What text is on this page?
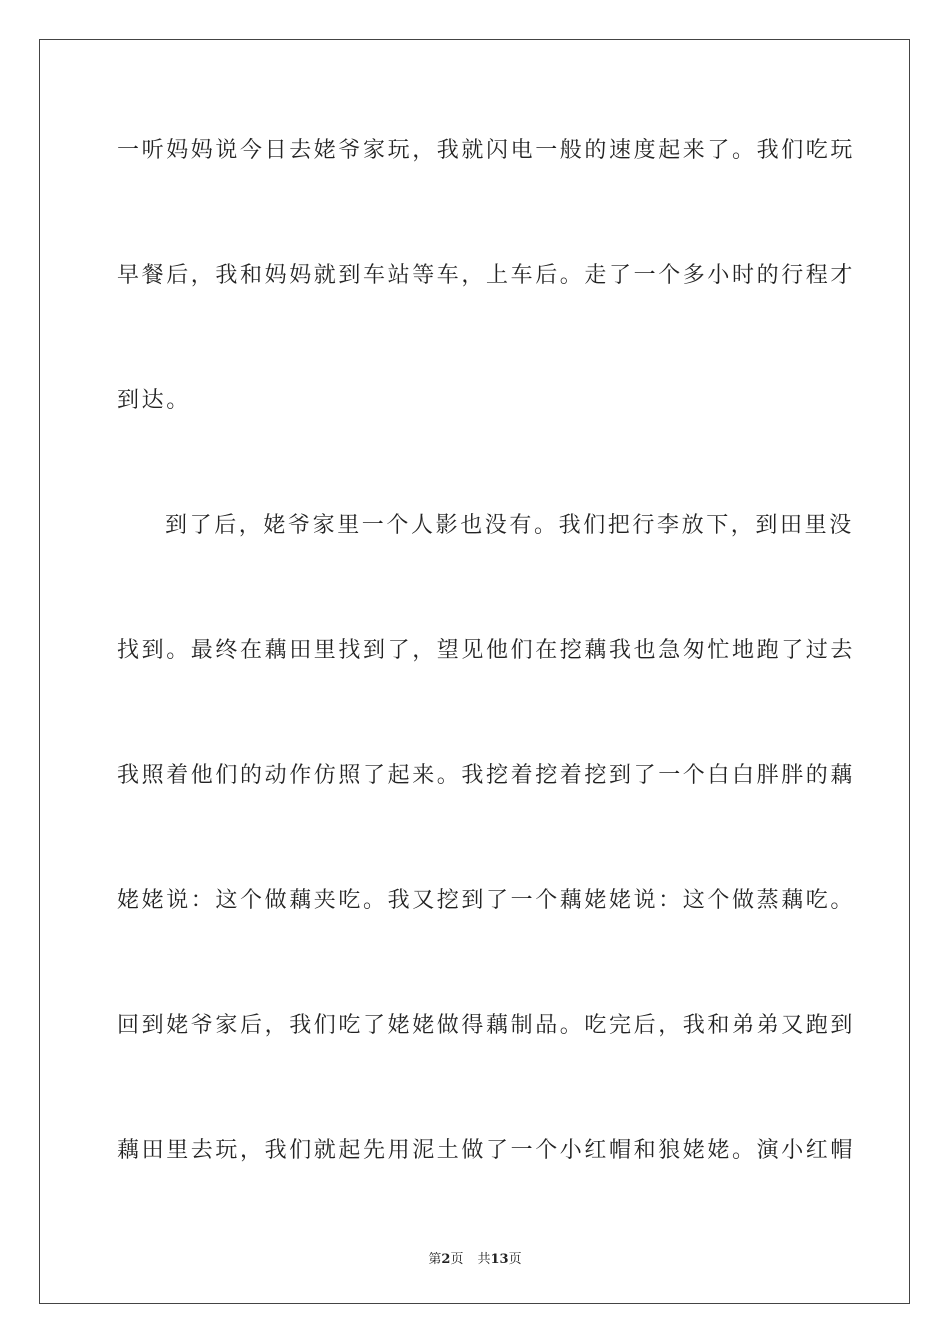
一听妈妈说今日去姥爷家玩，我就闪电一般的速度起来了。我们吃玩
早餐后，我和妈妈就到车站等车，上车后。走了一个多小时的行程才
到达。
到了后，姥爷家里一个人影也没有。我们把行李放下，到田里没
找到。最终在藕田里找到了，望见他们在挖藕我也急匆忙地跑了过去
我照着他们的动作仿照了起来。我挖着挖着挖到了一个白白胖胖的藕
姥姥说：这个做藕夹吃。我又挖到了一个藕姥姥说：这个做蒸藕吃。
回到姥爷家后，我们吃了姥姥做得藕制品。吃完后，我和弟弟又跑到
藕田里去玩，我们就起先用泥土做了一个小红帽和狼姥姥。演小红帽
第2页 共13页
